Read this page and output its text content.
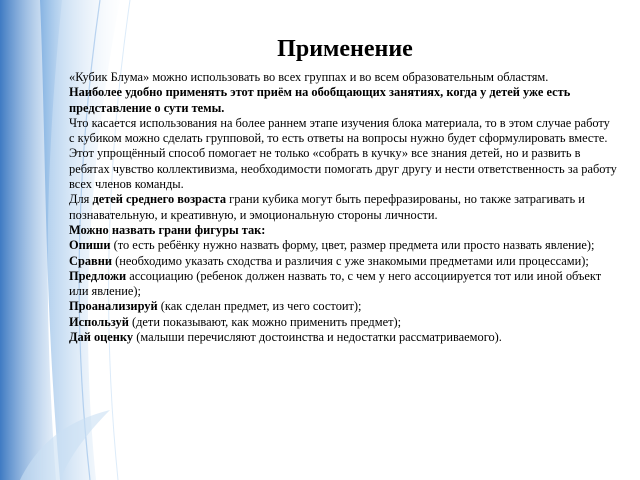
Применение

«Кубик Блума» можно использовать во всех группах и во всем образовательным областям.

Наиболее удобно применять этот приём на обобщающих занятиях, когда у детей уже есть представление о сути темы.

Что касается использования на более раннем этапе изучения блока материала, то в этом случае работу с кубиком можно сделать групповой, то есть ответы на вопросы нужно будет сформулировать вместе.

Этот упрощённый способ помогает не только «собрать в кучку» все знания детей, но и развить в ребятах чувство коллективизма, необходимости помогать друг другу и нести ответственность за работу всех членов команды.

Для детей среднего возраста грани кубика могут быть перефразированы, но также затрагивать и познавательную, и креативную, и эмоциональную стороны личности.

Можно назвать грани фигуры так:

Опиши (то есть ребёнку нужно назвать форму, цвет, размер предмета или просто назвать явление);

Сравни (необходимо указать сходства и различия с уже знакомыми предметами или процессами);

Предложи ассоциацию (ребенок должен назвать то, с чем у него ассоциируется тот или иной объект или явление);

Проанализируй (как сделан предмет, из чего состоит);

Используй (дети показывают, как можно применить предмет);

Дай оценку (малыши перечисляют достоинства и недостатки рассматриваемого).
